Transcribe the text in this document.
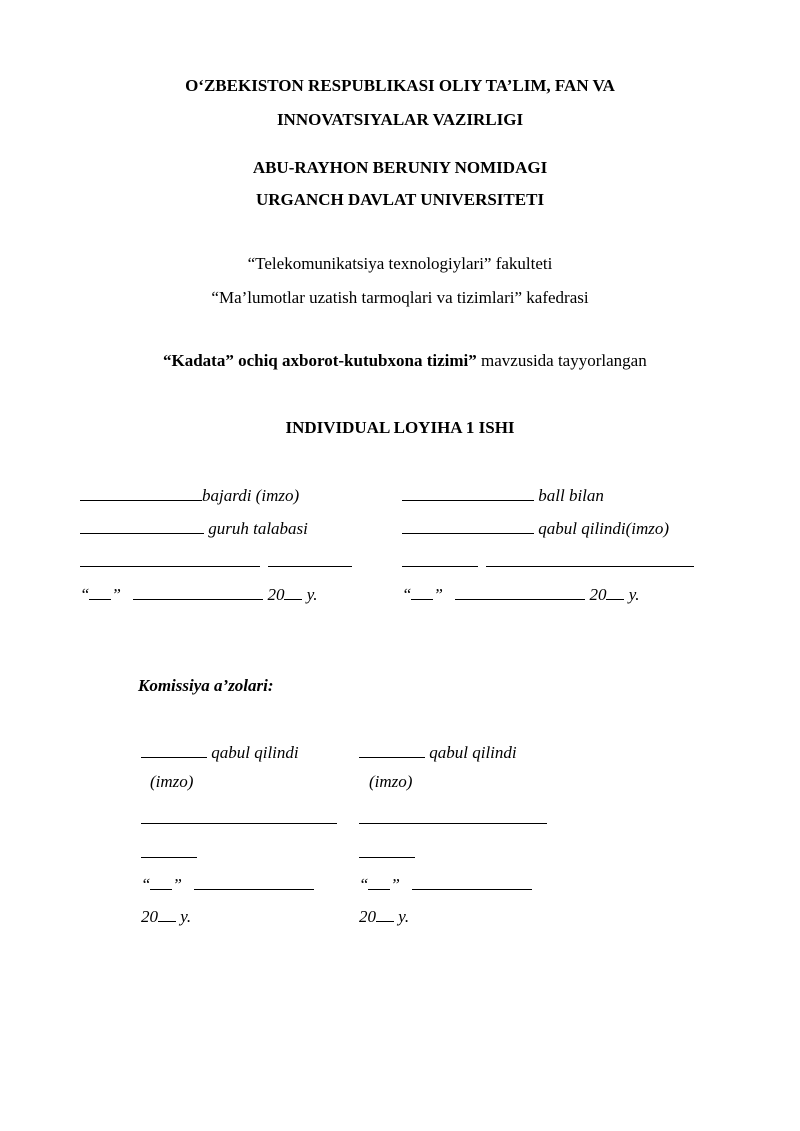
O‘ZBEKISTON RESPUBLIKASI OLIY TA’LIM, FAN VA
INNOVATSIYALAR VAZIRLIGI
ABU-RAYHON BERUNIY NOMIDAGI
URGANCH DAVLAT UNIVERSITETI
“Telekomunikatsiya texnologiylari” fakulteti
“Ma’lumotlar uzatish tarmoqlari va tizimlari” kafedrasi
“Kadata” ochiq axborot-kutubxona tizimi” mavzusida tayyorlangan
INDIVIDUAL LOYIHA 1 ISHI
bajardi (imzo)
guruh talabasi

“ ”	20 y.
ball bilan
qabul qilindi(imzo)

“ ”	20 y.
Komissiya a’zolari:
qabul qilindi
(imzo)
“ ”
20 y.
qabul qilindi
(imzo)
“ ”
20 y.
